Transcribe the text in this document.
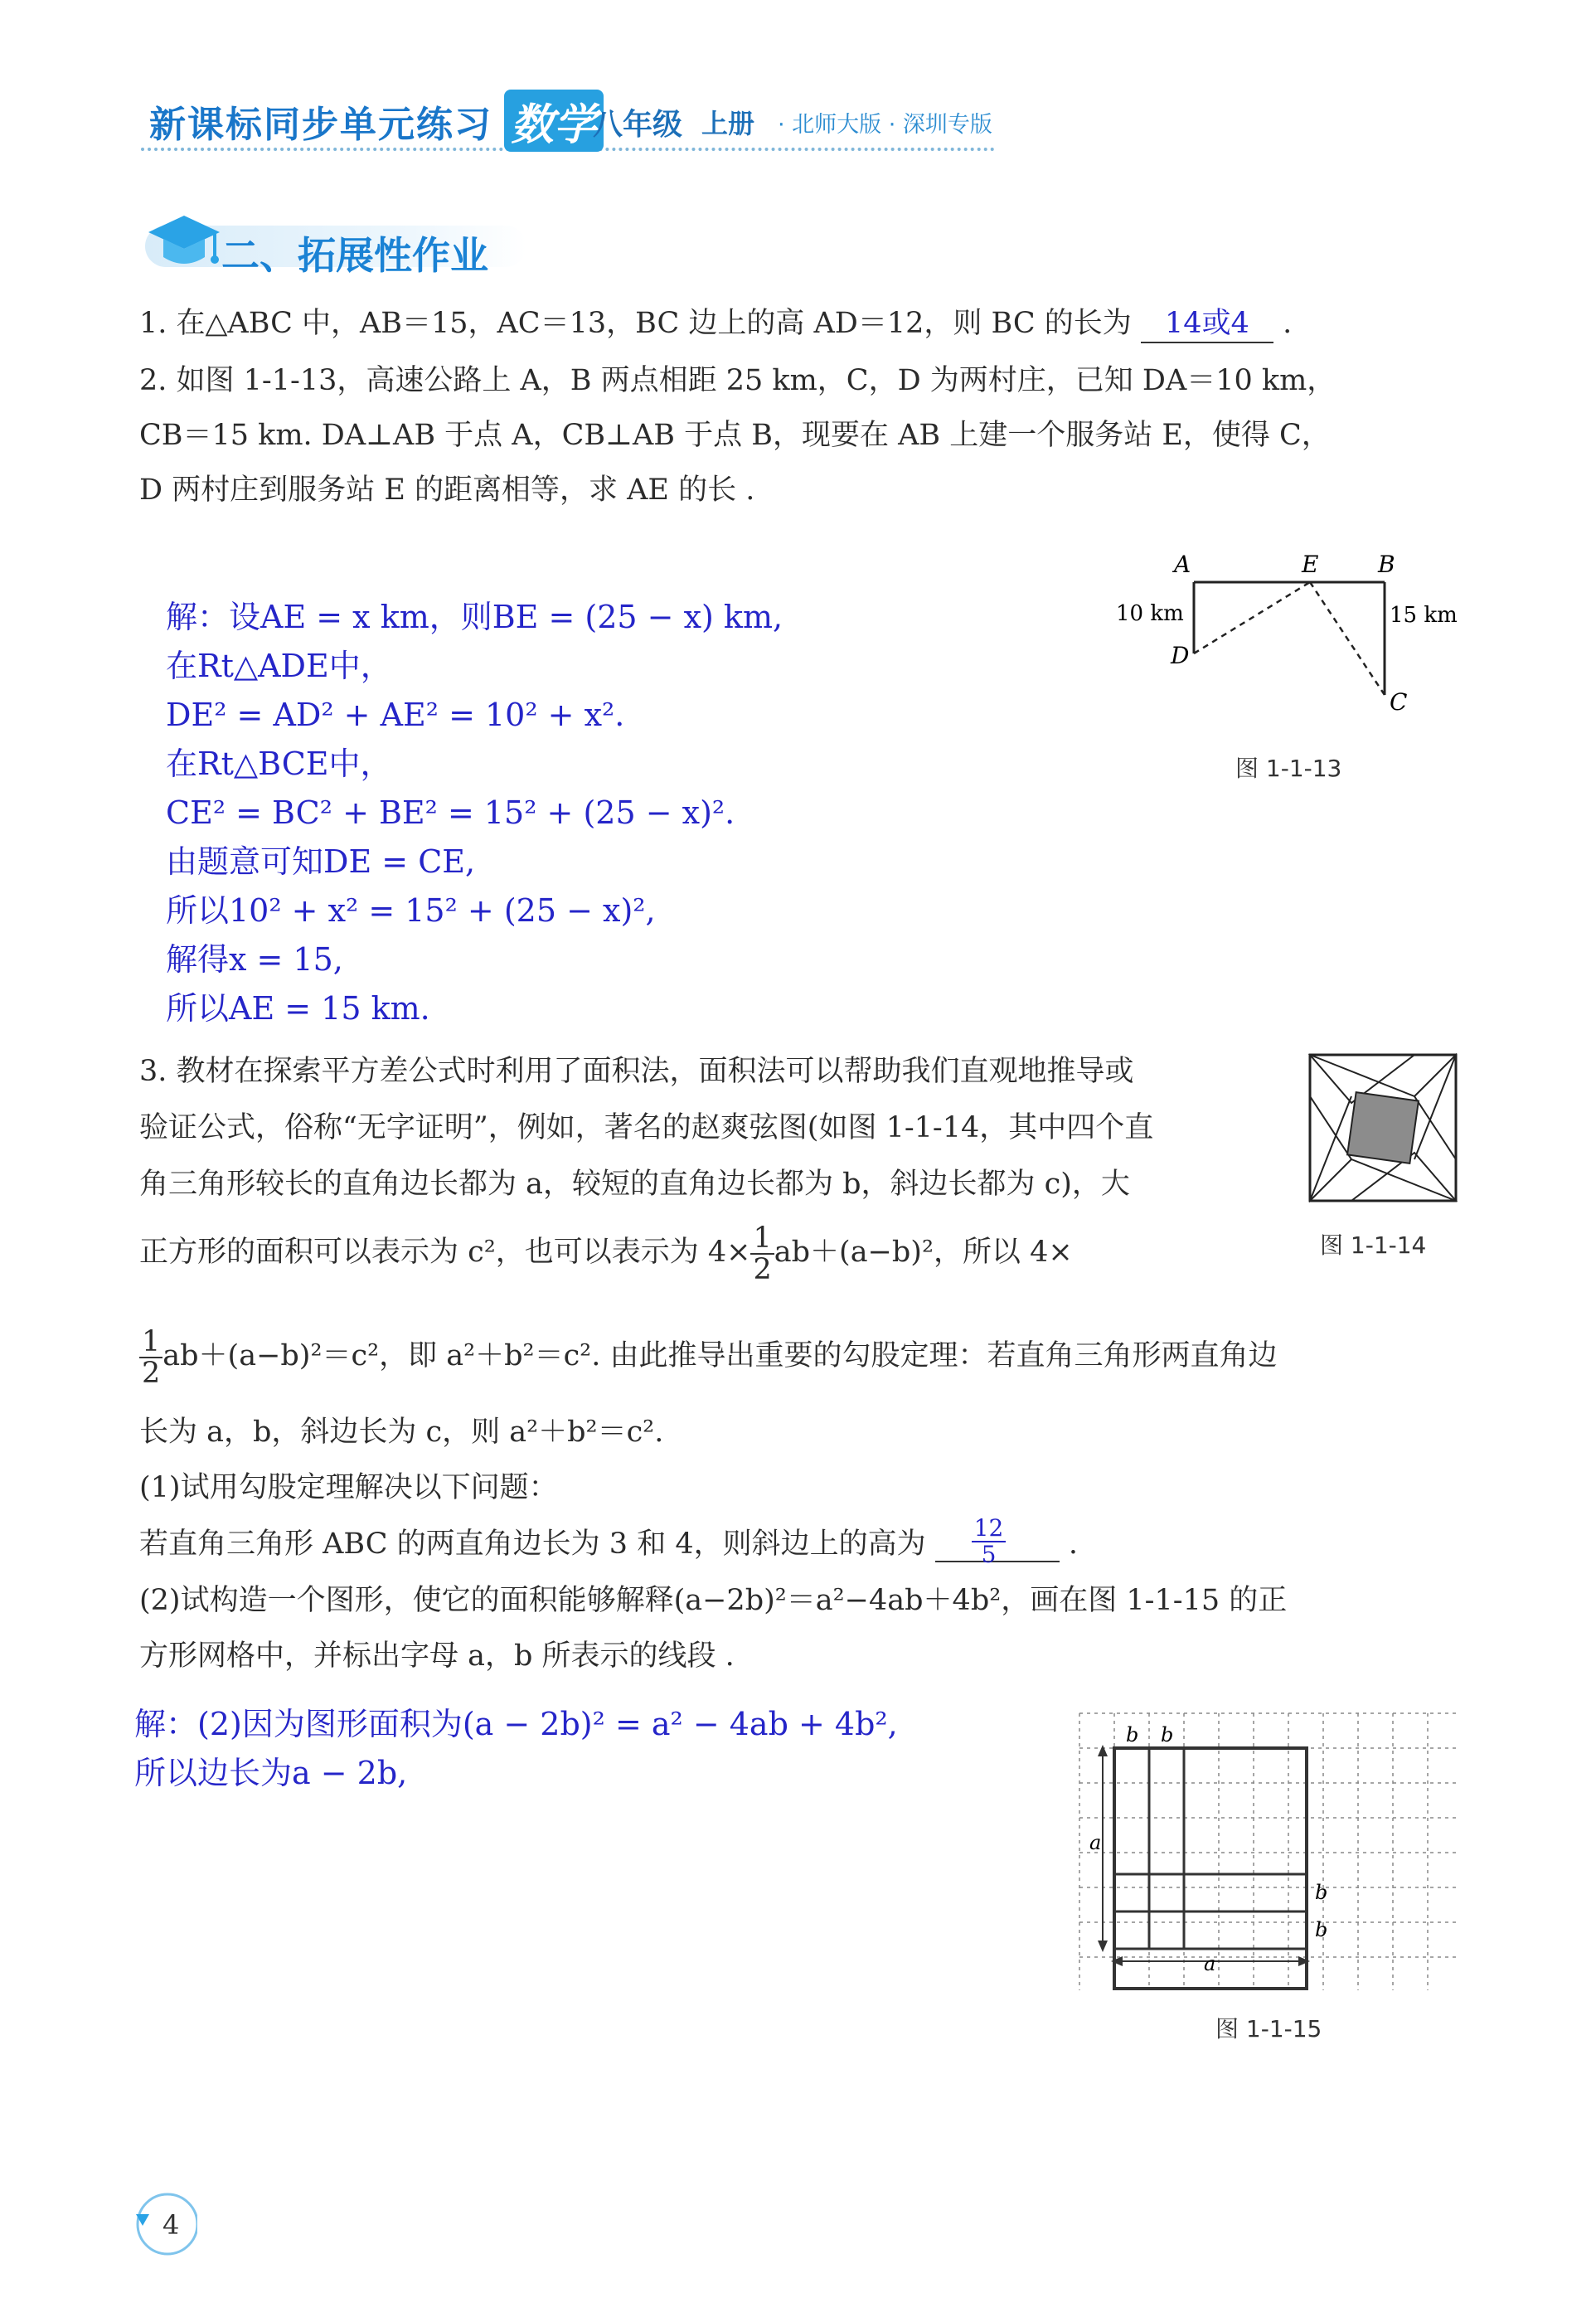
新课标同步单元练习 数学
八年级 上册 · 北师大版 · 深圳专版
二、拓展性作业
1. 在△ABC 中，AB＝15，AC＝13，BC 边上的高 AD＝12，则 BC 的长为 14或4 .
2. 如图 1-1-13，高速公路上 A，B 两点相距 25 km，C，D 为两村庄，已知 DA＝10 km，
CB＝15 km. DA⊥AB 于点 A，CB⊥AB 于点 B，现要在 AB 上建一个服务站 E，使得 C，
D 两村庄到服务站 E 的距离相等，求 AE 的长 .
解：设AE = x km，则BE = (25 − x) km,
在Rt△ADE中，
DE² = AD² + AE² = 10² + x².
在Rt△BCE中，
CE² = BC² + BE² = 15² + (25 − x)².
由题意可知DE = CE,
所以10² + x² = 15² + (25 − x)²,
解得x = 15,
所以AE = 15 km.
A	E	B
D
C
10 km	15 km
图 1-1-13
3. 教材在探索平方差公式时利用了面积法，面积法可以帮助我们直观地推导或
验证公式，俗称“无字证明”，例如，著名的赵爽弦图(如图 1-1-14，其中四个直
角三角形较长的直角边长都为 a，较短的直角边长都为 b，斜边长都为 c)，大
图 1-1-14
正方形的面积可以表示为 c²，也可以表示为 $4\times \frac{1}{2} ab+(a-b)^2$，所以 4×
$\frac{1}{2} ab+(a-b)^2=c^2$，即 a²＋b²＝c². 由此推导出重要的勾股定理：若直角三角形两直角边
长为 a，b，斜边长为 c，则 a²＋b²＝c².
(1)试用勾股定理解决以下问题：
若直角三角形 ABC 的两直角边长为 3 和 4，则斜边上的高为 $\frac{12}{5}$ .
(2)试构造一个图形，使它的面积能够解释(a−2b)²＝a²−4ab＋4b²，画在图 1-1-15 的正
方形网格中，并标出字母 a，b 所表示的线段 .
解：(2)因为图形面积为(a − 2b)² = a² − 4ab + 4b²,
所以边长为a − 2b,
a
a
b b
b
b
图 1-1-15
4
